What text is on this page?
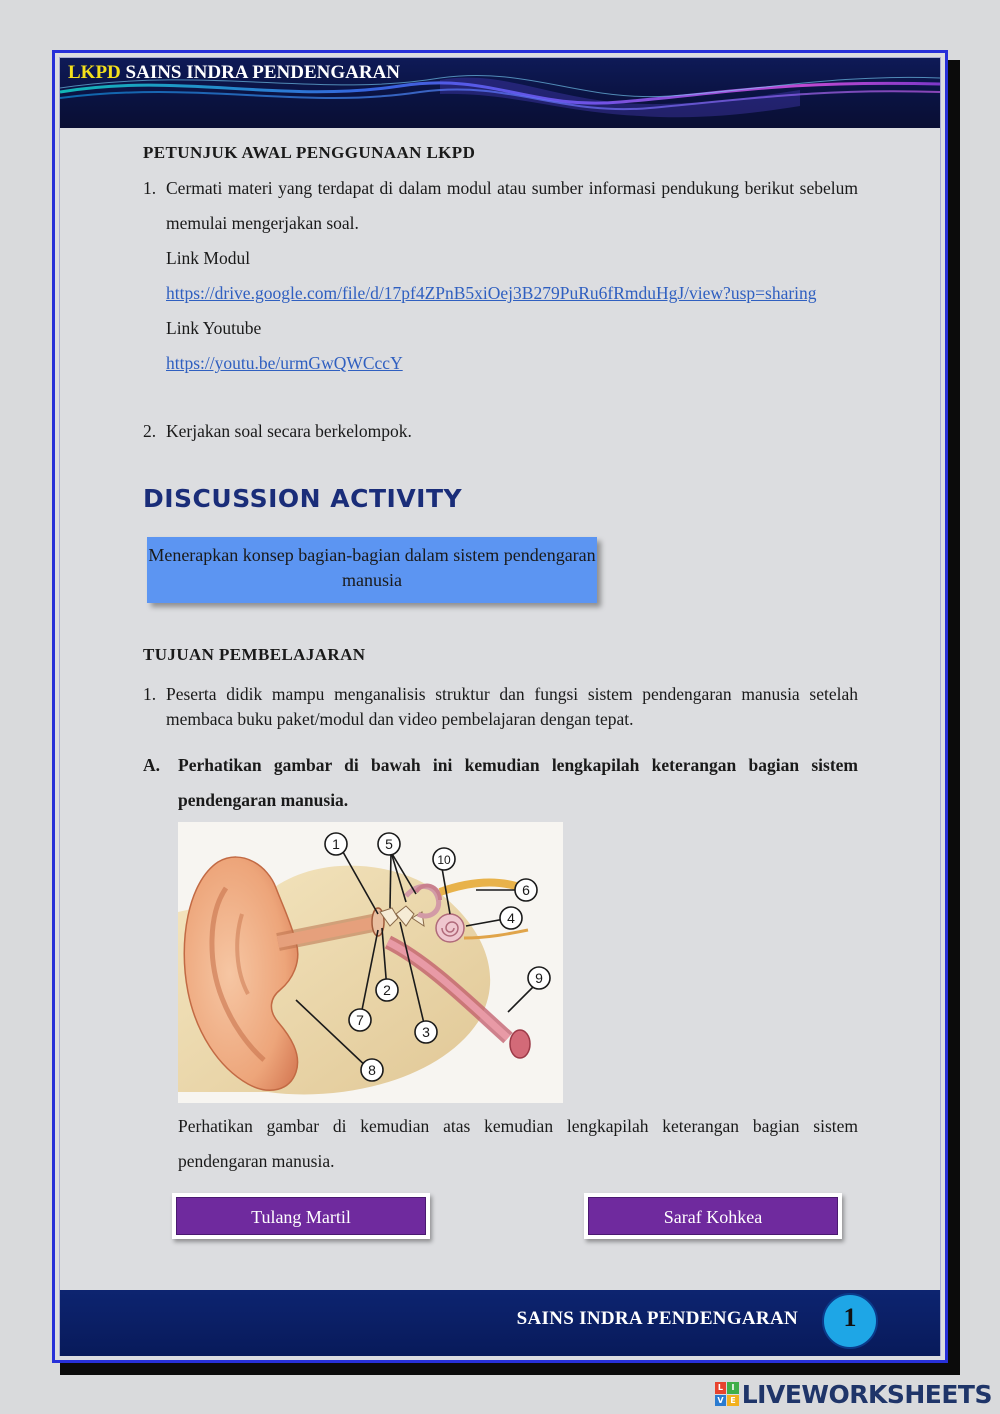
LKPD SAINS INDRA PENDENGARAN
PETUNJUK AWAL PENGGUNAAN LKPD
1. Cermati materi yang terdapat di dalam modul atau sumber informasi pendukung berikut sebelum memulai mengerjakan soal.
Link Modul
https://drive.google.com/file/d/17pf4ZPnB5xiOej3B279PuRu6fRmduHgJ/view?usp=sharing
Link Youtube
https://youtu.be/urmGwQWCccY
2. Kerjakan soal secara berkelompok.
DISCUSSION ACTIVITY
Menerapkan konsep bagian-bagian dalam sistem pendengaran manusia
TUJUAN PEMBELAJARAN
1. Peserta didik mampu menganalisis struktur dan fungsi sistem pendengaran manusia setelah membaca buku paket/modul dan video pembelajaran dengan tepat.
A. Perhatikan gambar di bawah ini kemudian lengkapilah keterangan bagian sistem pendengaran manusia.
1	5
10
6
4
9
2
7
3
8
Perhatikan gambar di kemudian atas kemudian lengkapilah keterangan bagian sistem pendengaran manusia.
Tulang Martil	Saraf Kohkea
SAINS INDRA PENDENGARAN	1
L	I
V E LIVEWORKSHEETS
